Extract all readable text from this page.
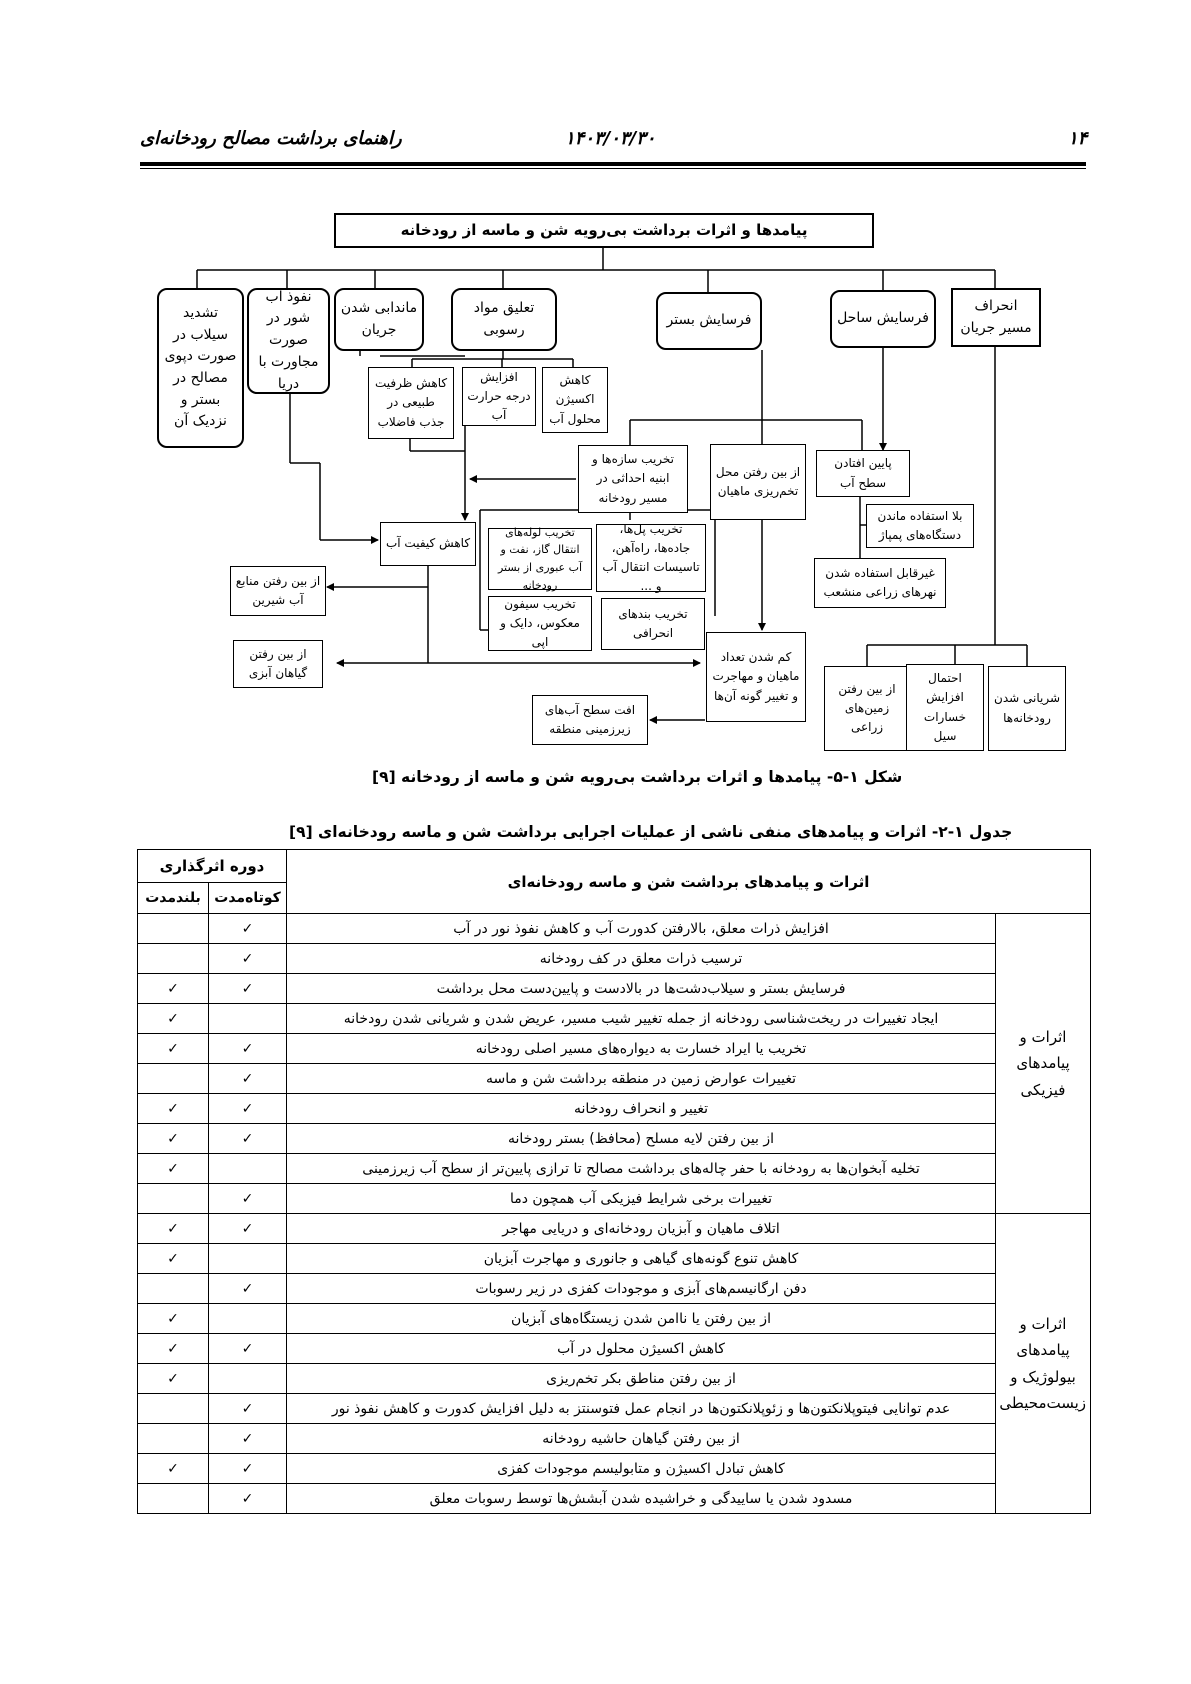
۱۴
۱۴۰۳/۰۳/۳۰
راهنمای برداشت مصالح رودخانه‌ای
پیامدها و اثرات برداشت بی‌رویه شن و ماسه از رودخانه
تشدید سیلاب در صورت دپوی مصالح در بستر و نزدیک آن
نفوذ آب شور در صورت مجاورت با دریا
ماندابی شدن جریان
تعلیق مواد رسوبی
فرسایش بستر	فرسایش ساحل
انحراف مسیر جریان
کاهش ظرفیت طبیعی در جذب فاضلاب
افزایش درجه حرارت آب
کاهش اکسیژن محلول آب
تخریب سازه‌ها و ابنیه احداثی در مسیر رودخانه
از بین رفتن محل تخم‌ریزی ماهیان
پایین افتادن سطح آب
بلا استفاده ماندن دستگاه‌های پمپاژ
غیرقابل استفاده شدن نهرهای زراعی منشعب
کاهش کیفیت آب
تخریب لوله‌های انتقال گاز، نفت و آب عبوری از بستر رودخانه
تخریب پل‌ها، جاده‌ها، راه‌آهن، تاسیسات انتقال آب و ...
تخریب سیفون معکوس، دایک و اپی
تخریب بندهای انحرافی
از بین رفتن منابع آب شیرین
از بین رفتن گیاهان آبزی
کم شدن تعداد ماهیان و مهاجرت و تغییر گونه آن‌ها
افت سطح آب‌های زیرزمینی منطقه
از بین رفتن زمین‌های زراعی
احتمال افزایش خسارات سیل
شریانی شدن رودخانه‌ها
شکل ۱-۵- پیامدها و اثرات برداشت بی‌رویه شن و ماسه از رودخانه [۹]
جدول ۱-۲- اثرات و پیامدهای منفی ناشی از عملیات اجرایی برداشت شن و ماسه رودخانه‌ای [۹]
اثرات و پیامدهای برداشت شن و ماسه رودخانه‌ای		دوره اثرگذاری	
		کوتاه‌مدت	بلندمدت
اثرات و پیامدهای فیزیکی	افزایش ذرات معلق، بالارفتن کدورت آب و کاهش نفوذ نور در آب	✓	
	ترسیب ذرات معلق در کف رودخانه	✓	
	فرسایش بستر و سیلاب‌دشت‌ها در بالادست و پایین‌دست محل برداشت	✓	✓
	ایجاد تغییرات در ریخت‌شناسی رودخانه از جمله تغییر شیب مسیر، عریض شدن و شریانی شدن رودخانه		✓
	تخریب یا ایراد خسارت به دیواره‌های مسیر اصلی رودخانه	✓	✓
	تغییرات عوارض زمین در منطقه برداشت شن و ماسه	✓	
	تغییر و انحراف رودخانه	✓	✓
	از بین رفتن لایه مسلح (محافظ) بستر رودخانه	✓	✓
	تخلیه آبخوان‌ها به رودخانه با حفر چاله‌های برداشت مصالح تا ترازی پایین‌تر از سطح آب زیرزمینی		✓
	تغییرات برخی شرایط فیزیکی آب همچون دما	✓	
اثرات و پیامدهای بیولوژیک و زیست‌محیطی	اتلاف ماهیان و آبزیان رودخانه‌ای و دریایی مهاجر	✓	✓
	کاهش تنوع گونه‌های گیاهی و جانوری و مهاجرت آبزیان		✓
	دفن ارگانیسم‌های آبزی و موجودات کفزی در زیر رسوبات	✓	
	از بین رفتن یا ناامن شدن زیستگاه‌های آبزیان		✓
	کاهش اکسیژن محلول در آب	✓	✓
	از بین رفتن مناطق بکر تخم‌ریزی		✓
	عدم توانایی فیتوپلانکتون‌ها و زئوپلانکتون‌ها در انجام عمل فتوسنتز به دلیل افزایش کدورت و کاهش نفوذ نور	✓	
	از بین رفتن گیاهان حاشیه رودخانه	✓	
	کاهش تبادل اکسیژن و متابولیسم موجودات کفزی	✓	✓
	مسدود شدن یا ساییدگی و خراشیده شدن آبشش‌ها توسط رسوبات معلق	✓	
